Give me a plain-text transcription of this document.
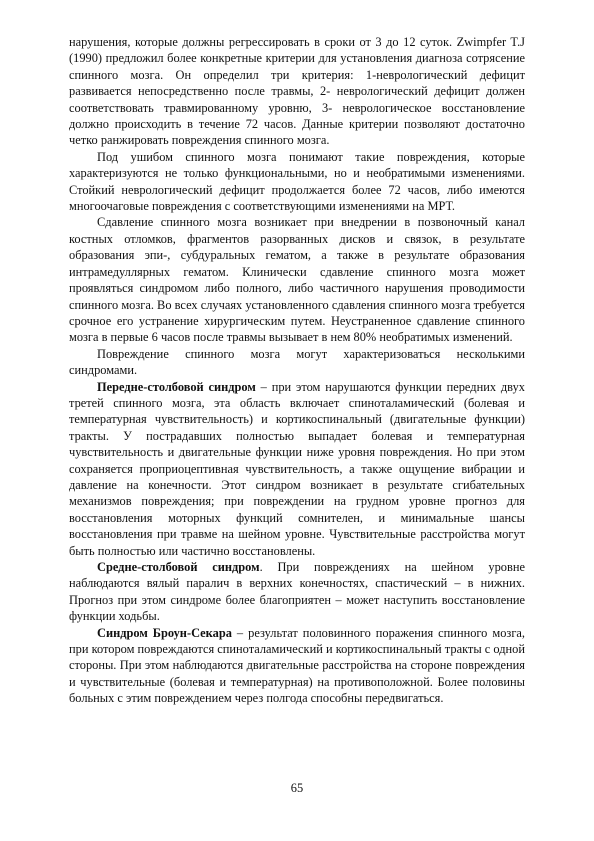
нарушения, которые должны регрессировать в сроки от 3 до 12 суток. Zwimpfer T.J (1990) предложил более конкретные критерии для установления диагноза сотрясение спинного мозга. Он определил три критерия: 1-неврологический дефицит развивается непосредственно после травмы, 2- неврологический дефицит должен соответствовать травмированному уровню, 3- неврологическое восстановление должно происходить в течение 72 часов. Данные критерии позволяют достаточно четко ранжировать повреждения спинного мозга.

Под ушибом спинного мозга понимают такие повреждения, которые характеризуются не только функциональными, но и необратимыми изменениями. Стойкий неврологический дефицит продолжается более 72 часов, либо имеются многоочаговые повреждения с соответствующими изменениями на МРТ.

Сдавление спинного мозга возникает при внедрении в позвоночный канал костных отломков, фрагментов разорванных дисков и связок, в результате образования эпи-, субдуральных гематом, а также в результате образования интрамедуллярных гематом. Клинически сдавление спинного мозга может проявляться синдромом либо полного, либо частичного нарушения проводимости спинного мозга. Во всех случаях установленного сдавления спинного мозга требуется срочное его устранение хирургическим путем. Неустраненное сдавление спинного мозга в первые 6 часов после травмы вызывает в нем 80% необратимых изменений.

Повреждение спинного мозга могут характеризоваться несколькими синдромами.

Передне-столбовой синдром – при этом нарушаются функции передних двух третей спинного мозга, эта область включает спиноталамический (болевая и температурная чувствительность) и кортикоспинальный (двигательные функции) тракты. У пострадавших полностью выпадает болевая и температурная чувствительность и двигательные функции ниже уровня повреждения. Но при этом сохраняется проприоцептивная чувствительность, а также ощущение вибрации и давление на конечности. Этот синдром возникает в результате сгибательных механизмов повреждения; при повреждении на грудном уровне прогноз для восстановления моторных функций сомнителен, и минимальные шансы восстановления при травме на шейном уровне. Чувствительные расстройства могут быть полностью или частично восстановлены.

Средне-столбовой синдром. При повреждениях на шейном уровне наблюдаются вялый паралич в верхних конечностях, спастический – в нижних. Прогноз при этом синдроме более благоприятен – может наступить восстановление функции ходьбы.

Синдром Броун-Секара – результат половинного поражения спинного мозга, при котором повреждаются спиноталамический и кортикоспинальный тракты с одной стороны. При этом наблюдаются двигательные расстройства на стороне повреждения и чувствительные (болевая и температурная) на противоположной. Более половины больных с этим повреждением через полгода способны передвигаться.

65
